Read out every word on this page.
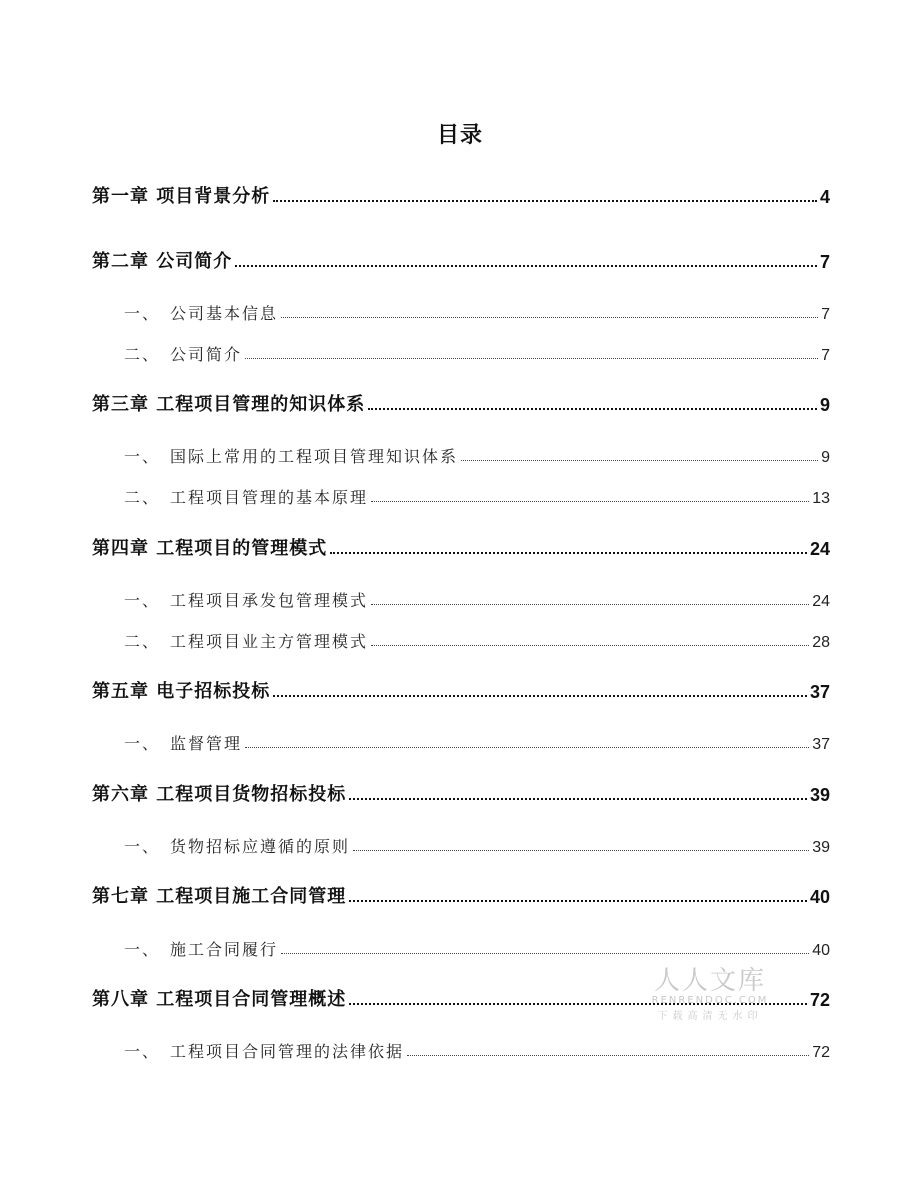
目录
第一章 项目背景分析	4
第二章 公司简介	7
一、 公司基本信息	7
二、 公司简介	7
第三章 工程项目管理的知识体系	9
一、 国际上常用的工程项目管理知识体系	9
二、 工程项目管理的基本原理	13
第四章 工程项目的管理模式	24
一、 工程项目承发包管理模式	24
二、 工程项目业主方管理模式	28
第五章 电子招标投标	37
一、 监督管理	37
第六章 工程项目货物招标投标	39
一、 货物招标应遵循的原则	39
第七章 工程项目施工合同管理	40
一、 施工合同履行	40
第八章 工程项目合同管理概述	72
一、 工程项目合同管理的法律依据	72
人人文库
RENRENDOC.COM
下载高清无水印
